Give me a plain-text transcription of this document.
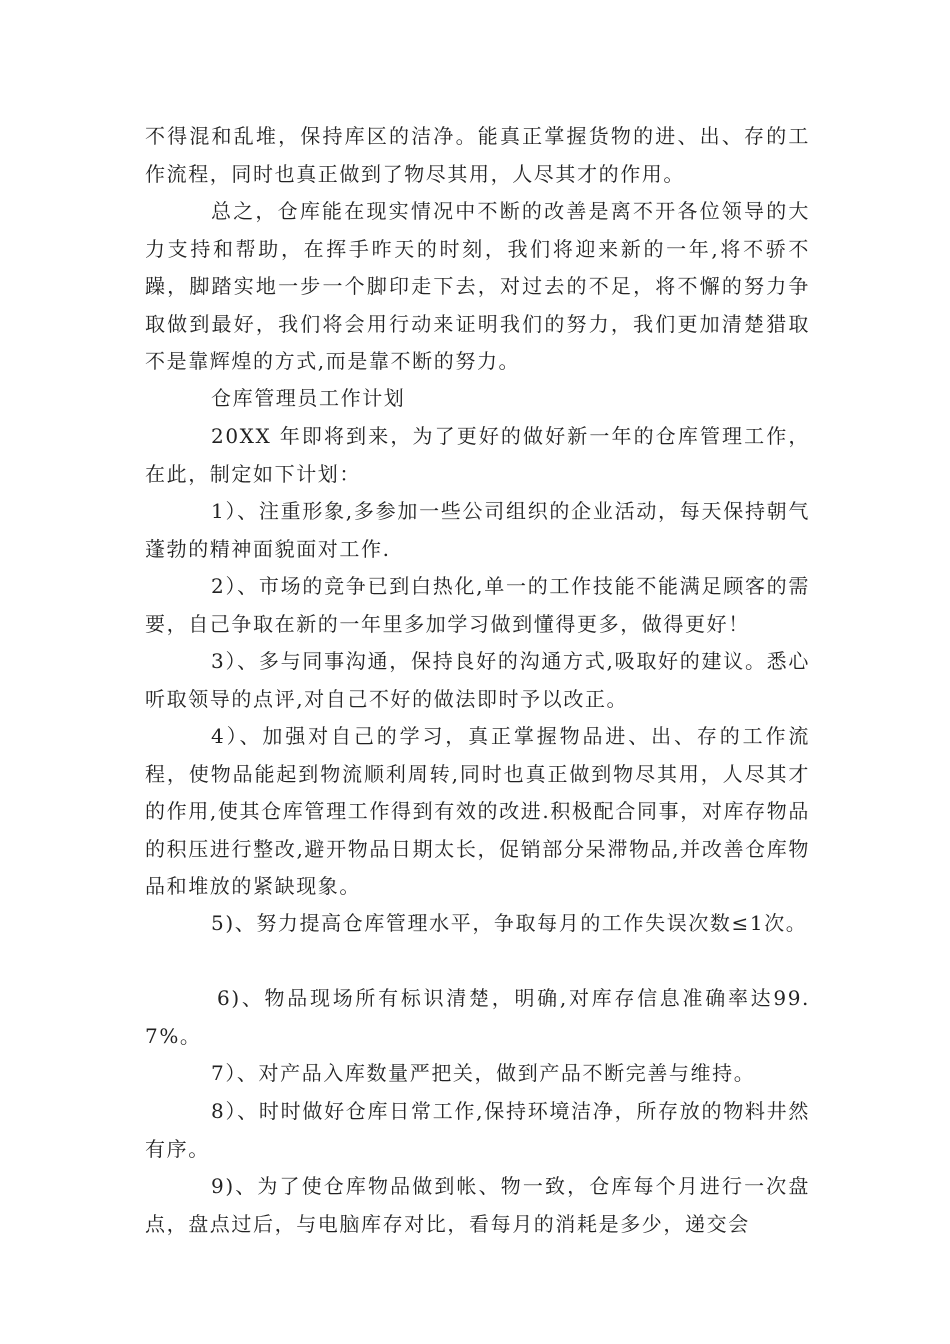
不得混和乱堆，保持库区的洁净。能真正掌握货物的进、出、存的工作流程，同时也真正做到了物尽其用，人尽其才的作用。

总之，仓库能在现实情况中不断的改善是离不开各位领导的大力支持和帮助，在挥手昨天的时刻，我们将迎来新的一年,将不骄不躁，脚踏实地一步一个脚印走下去，对过去的不足，将不懈的努力争取做到最好，我们将会用行动来证明我们的努力，我们更加清楚猎取不是靠辉煌的方式,而是靠不断的努力。

仓库管理员工作计划

20XX 年即将到来，为了更好的做好新一年的仓库管理工作，在此，制定如下计划：

1）、注重形象,多参加一些公司组织的企业活动，每天保持朝气蓬勃的精神面貌面对工作.

2）、市场的竞争已到白热化,单一的工作技能不能满足顾客的需要，自己争取在新的一年里多加学习做到懂得更多，做得更好！

3）、多与同事沟通，保持良好的沟通方式,吸取好的建议。悉心听取领导的点评,对自己不好的做法即时予以改正。

4）、加强对自己的学习，真正掌握物品进、出、存的工作流程，使物品能起到物流顺利周转,同时也真正做到物尽其用，人尽其才的作用,使其仓库管理工作得到有效的改进.积极配合同事，对库存物品的积压进行整改,避开物品日期太长，促销部分呆滞物品,并改善仓库物品和堆放的紧缺现象。

5)、努力提高仓库管理水平，争取每月的工作失误次数≤1次。

6)、物品现场所有标识清楚，明确,对库存信息准确率达99.7%。

7）、对产品入库数量严把关，做到产品不断完善与维持。

8）、时时做好仓库日常工作,保持环境洁净，所存放的物料井然有序。

9)、为了使仓库物品做到帐、物一致，仓库每个月进行一次盘点，盘点过后，与电脑库存对比，看每月的消耗是多少，递交会
